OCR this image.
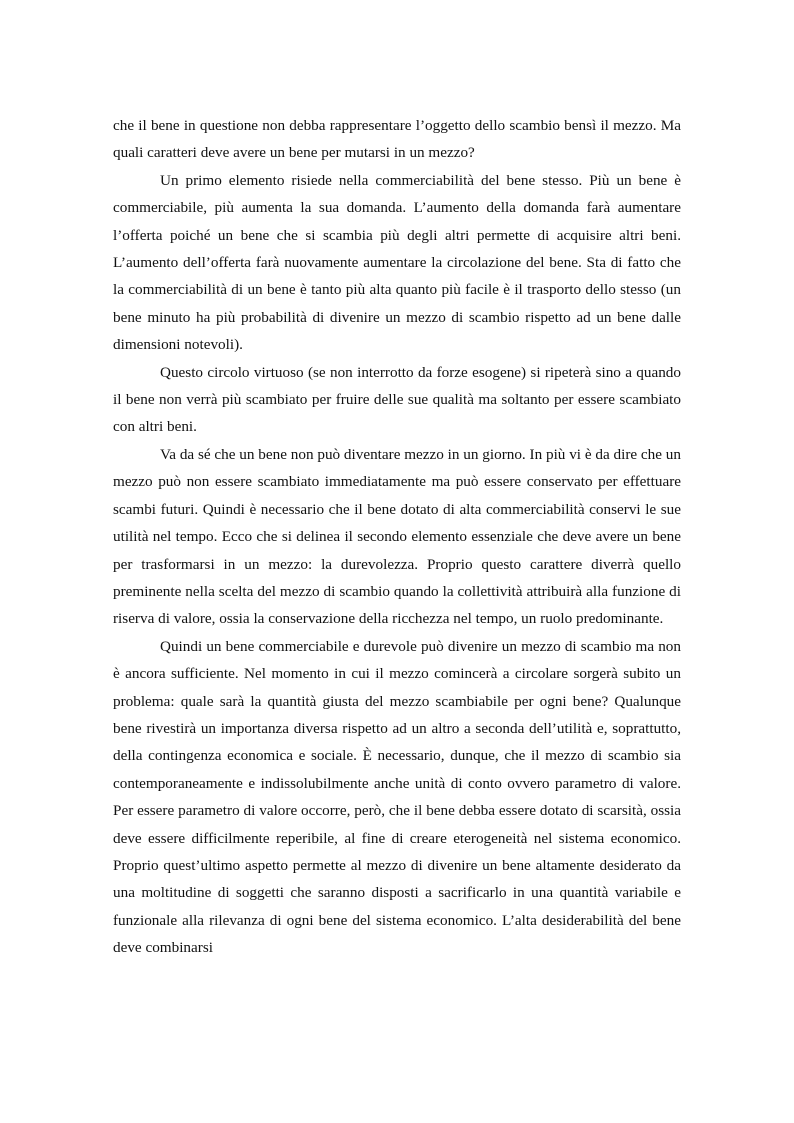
che il bene in questione non debba rappresentare l’oggetto dello scambio bensì il mezzo. Ma quali caratteri deve avere un bene per mutarsi in un mezzo?

Un primo elemento risiede nella commerciabilità del bene stesso. Più un bene è commerciabile, più aumenta la sua domanda. L’aumento della domanda farà aumentare l’offerta poiché un bene che si scambia più degli altri permette di acquisire altri beni. L’aumento dell’offerta farà nuovamente aumentare la circolazione del bene. Sta di fatto che la commerciabilità di un bene è tanto più alta quanto più facile è il trasporto dello stesso (un bene minuto ha più probabilità di divenire un mezzo di scambio rispetto ad un bene dalle dimensioni notevoli).

Questo circolo virtuoso (se non interrotto da forze esogene) si ripeterà sino a quando il bene non verrà più scambiato per fruire delle sue qualità ma soltanto per essere scambiato con altri beni.

Va da sé che un bene non può diventare mezzo in un giorno. In più vi è da dire che un mezzo può non essere scambiato immediatamente ma può essere conservato per effettuare scambi futuri. Quindi è necessario che il bene dotato di alta commerciabilità conservi le sue utilità nel tempo. Ecco che si delinea il secondo elemento essenziale che deve avere un bene per trasformarsi in un mezzo: la durevolezza. Proprio questo carattere diverrà quello preminente nella scelta del mezzo di scambio quando la collettività attribuirà alla funzione di riserva di valore, ossia la conservazione della ricchezza nel tempo, un ruolo predominante.

Quindi un bene commerciabile e durevole può divenire un mezzo di scambio ma non è ancora sufficiente. Nel momento in cui il mezzo comincerà a circolare sorgerà subito un problema: quale sarà la quantità giusta del mezzo scambiabile per ogni bene? Qualunque bene rivestirà un importanza diversa rispetto ad un altro a seconda dell’utilità e, soprattutto, della contingenza economica e sociale. È necessario, dunque, che il mezzo di scambio sia contemporaneamente e indissolubilmente anche unità di conto ovvero parametro di valore. Per essere parametro di valore occorre, però, che il bene debba essere dotato di scarsità, ossia deve essere difficilmente reperibile, al fine di creare eterogeneità nel sistema economico. Proprio quest’ultimo aspetto permette al mezzo di divenire un bene altamente desiderato da una moltitudine di soggetti che saranno disposti a sacrificarlo in una quantità variabile e funzionale alla rilevanza di ogni bene del sistema economico. L’alta desiderabilità del bene deve combinarsi
